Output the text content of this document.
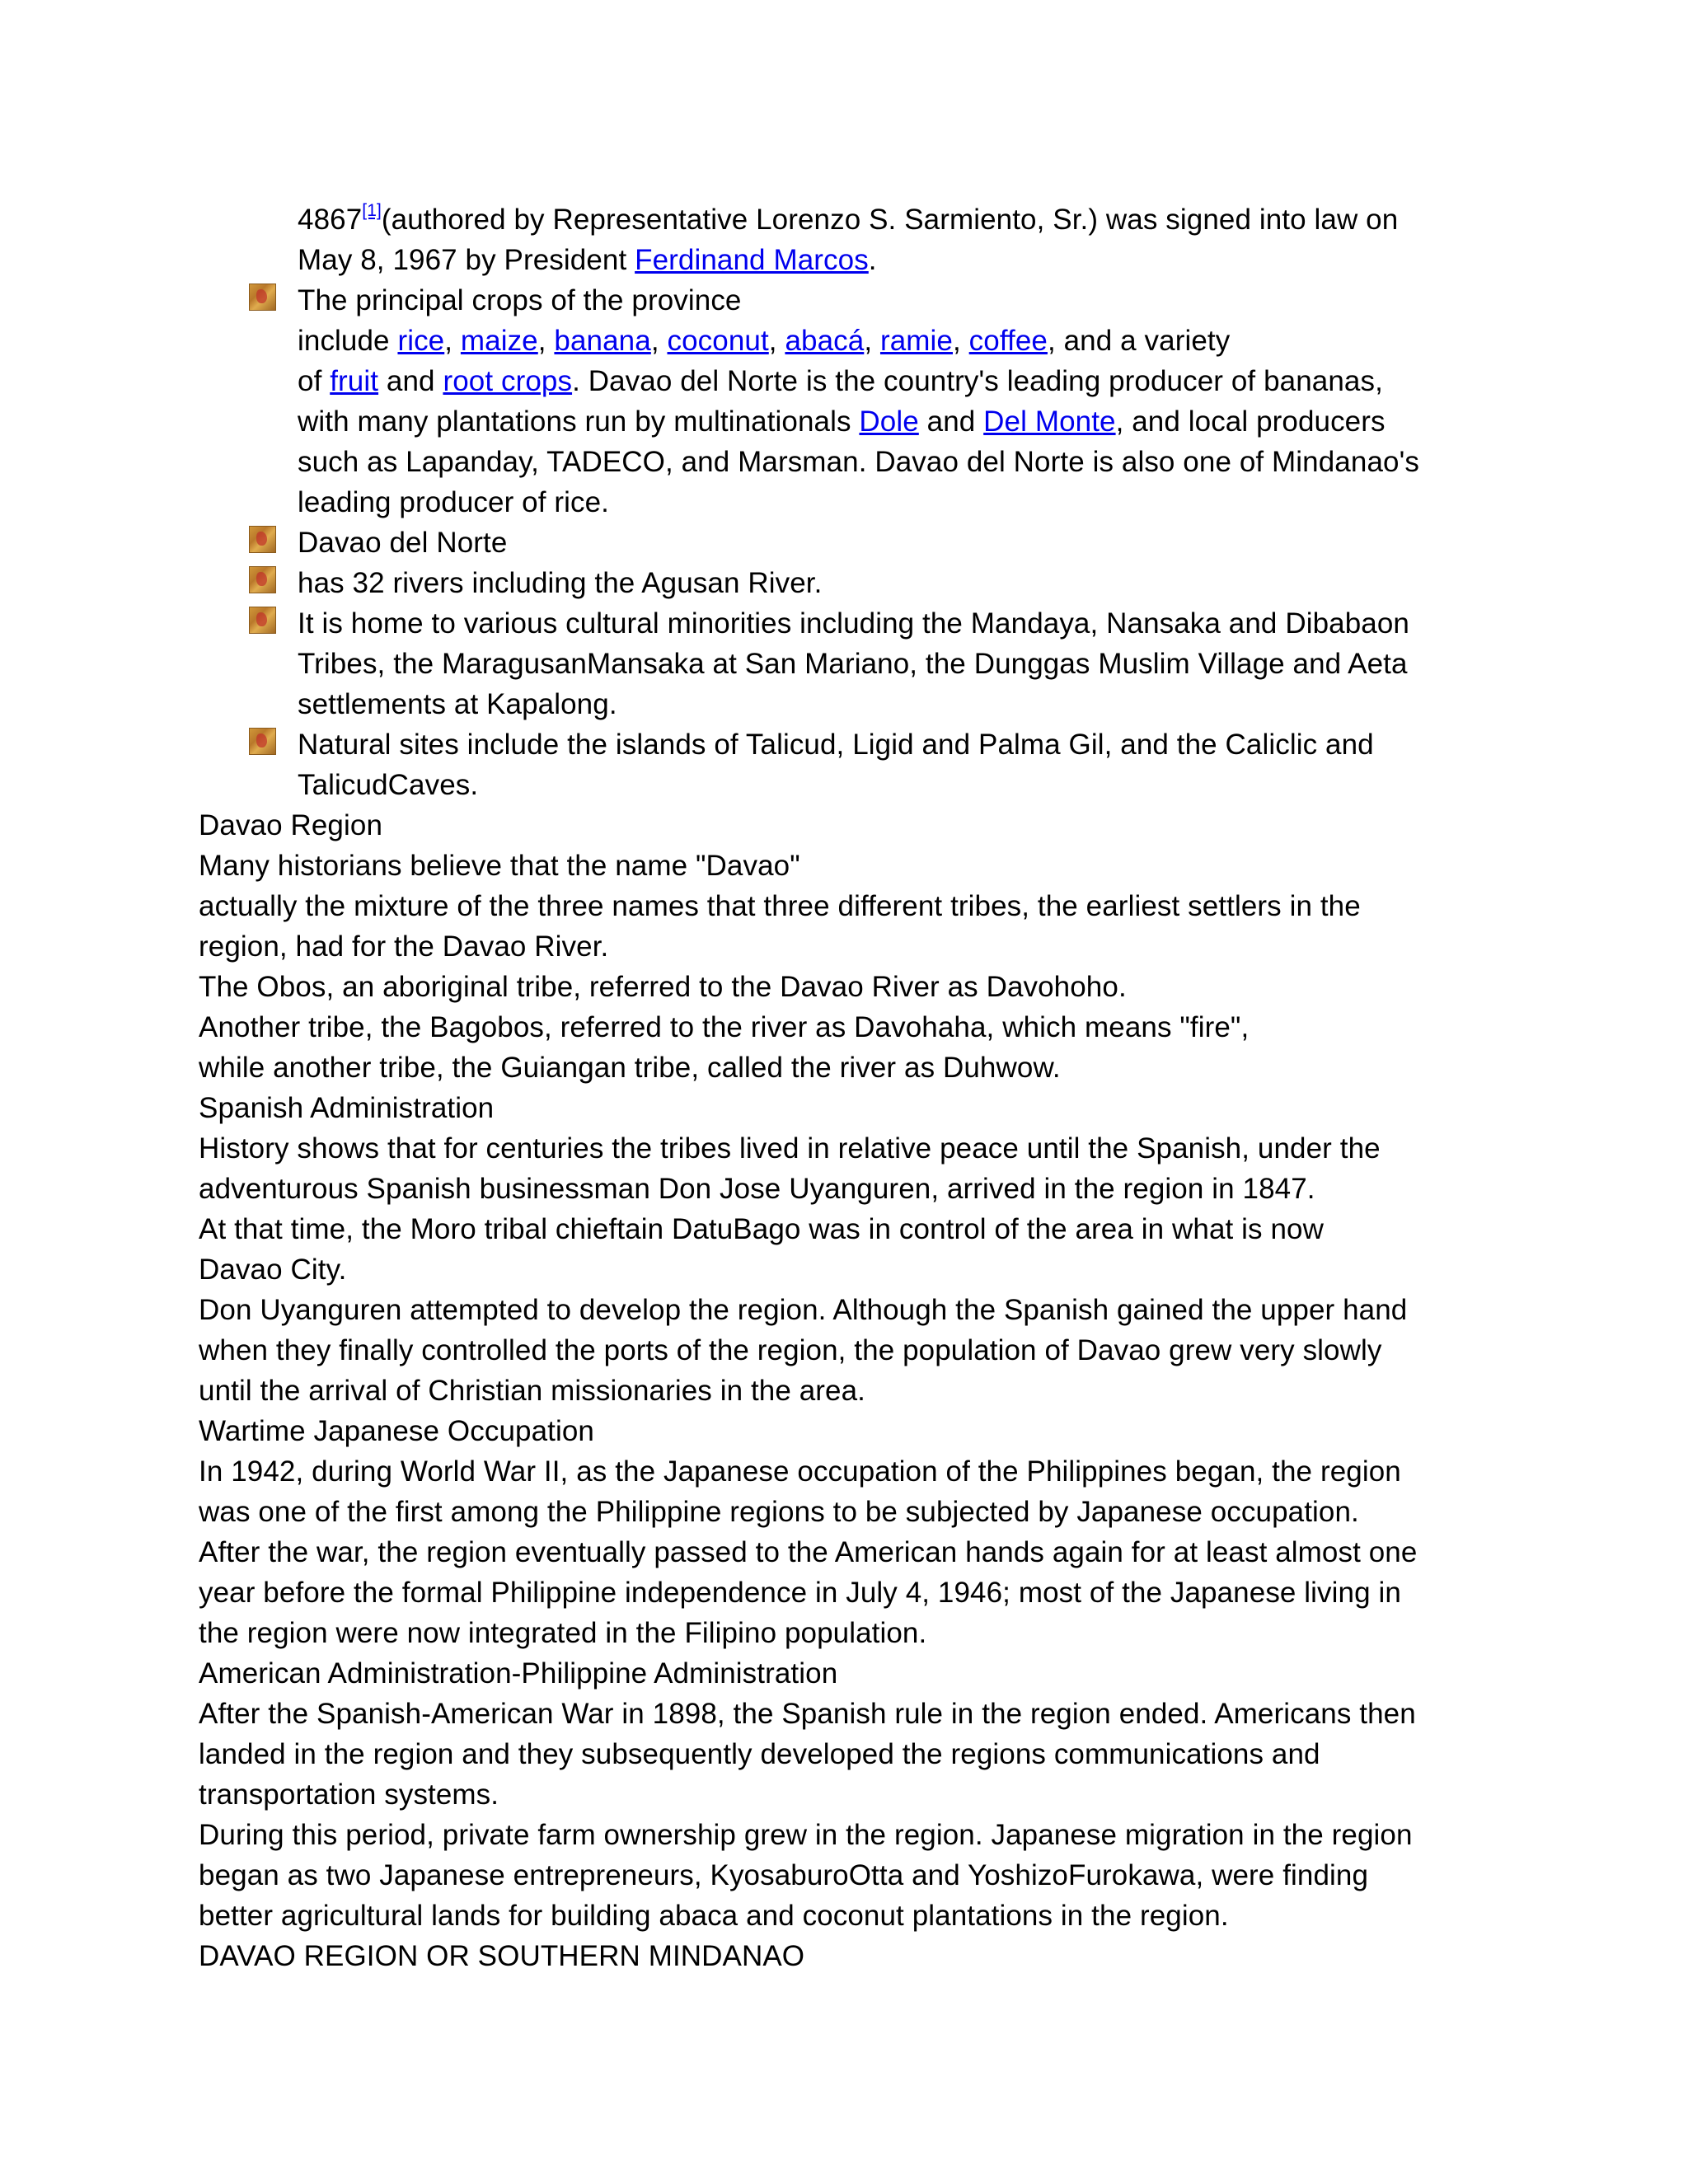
4867[1](authored by Representative Lorenzo S. Sarmiento, Sr.) was signed into law on
May 8, 1967 by President Ferdinand Marcos.
The principal crops of the province
include rice, maize, banana, coconut, abacá, ramie, coffee, and a variety
of fruit and root crops. Davao del Norte is the country's leading producer of bananas,
with many plantations run by multinationals Dole and Del Monte, and local producers
such as Lapanday, TADECO, and Marsman. Davao del Norte is also one of Mindanao's
leading producer of rice.
Davao del Norte
has 32 rivers including the Agusan River.
It is home to various cultural minorities including the Mandaya, Nansaka and Dibabaon
Tribes, the MaragusanMansaka at San Mariano, the Dunggas Muslim Village and Aeta
settlements at Kapalong.
Natural sites include the islands of Talicud, Ligid and Palma Gil, and the Caliclic and
TalicudCaves.
Davao Region
Many historians believe that the name "Davao"
actually the mixture of the three names that three different tribes, the earliest settlers in the
region, had for the Davao River.
The Obos, an aboriginal tribe, referred to the Davao River as Davohoho.
Another tribe, the Bagobos, referred to the river as Davohaha, which means "fire",
while another tribe, the Guiangan tribe, called the river as Duhwow.
Spanish Administration
History shows that for centuries the tribes lived in relative peace until the Spanish, under the
adventurous Spanish businessman Don Jose Uyanguren, arrived in the region in 1847.
At that time, the Moro tribal chieftain DatuBago was in control of the area in what is now
Davao City.
Don Uyanguren attempted to develop the region. Although the Spanish gained the upper hand
when they finally controlled the ports of the region, the population of Davao grew very slowly
until the arrival of Christian missionaries in the area.
Wartime Japanese Occupation
In 1942, during World War II, as the Japanese occupation of the Philippines began, the region
was one of the first among the Philippine regions to be subjected by Japanese occupation.
After the war, the region eventually passed to the American hands again for at least almost one
year before the formal Philippine independence in July 4, 1946; most of the Japanese living in
the region were now integrated in the Filipino population.
American Administration-Philippine Administration
After the Spanish-American War in 1898, the Spanish rule in the region ended. Americans then
landed in the region and they subsequently developed the regions communications and
transportation systems.
During this period, private farm ownership grew in the region. Japanese migration in the region
began as two Japanese entrepreneurs, KyosaburoOtta and YoshizoFurokawa, were finding
better agricultural lands for building abaca and coconut plantations in the region.
DAVAO REGION OR SOUTHERN MINDANAO
